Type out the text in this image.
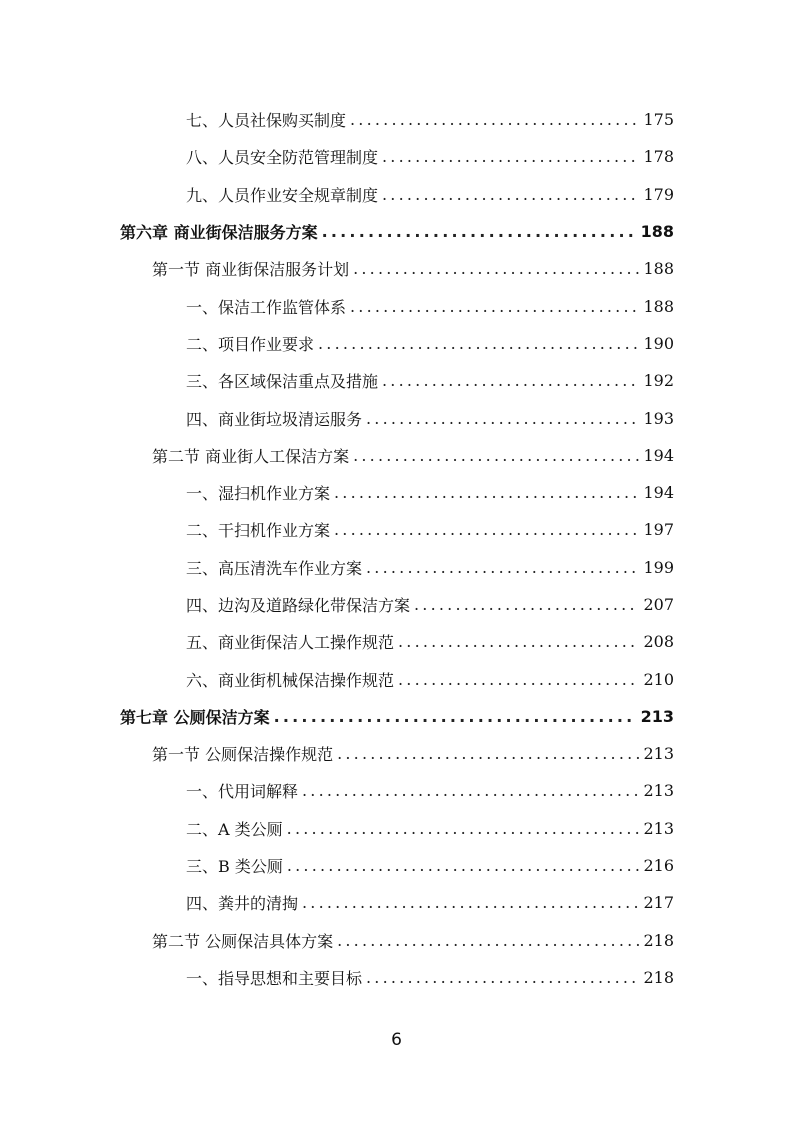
七、人员社保购买制度 .....	175
八、人员安全防范管理制度 .....	178
九、人员作业安全规章制度 .....	179
第六章 商业街保洁服务方案 .....	188
第一节 商业街保洁服务计划 .....	188
一、保洁工作监管体系 .....	188
二、项目作业要求 .....	190
三、各区域保洁重点及措施 .....	192
四、商业街垃圾清运服务 .....	193
第二节 商业街人工保洁方案 .....	194
一、湿扫机作业方案 .....	194
二、干扫机作业方案 .....	197
三、高压清洗车作业方案 .....	199
四、边沟及道路绿化带保洁方案 .....	207
五、商业街保洁人工操作规范 .....	208
六、商业街机械保洁操作规范 .....	210
第七章 公厕保洁方案 .....	213
第一节 公厕保洁操作规范 .....	213
一、代用词解释 .....	213
二、A 类公厕 .....	213
三、B 类公厕 .....	216
四、粪井的清掏 .....	217
第二节 公厕保洁具体方案 .....	218
一、指导思想和主要目标 .....	218
6
